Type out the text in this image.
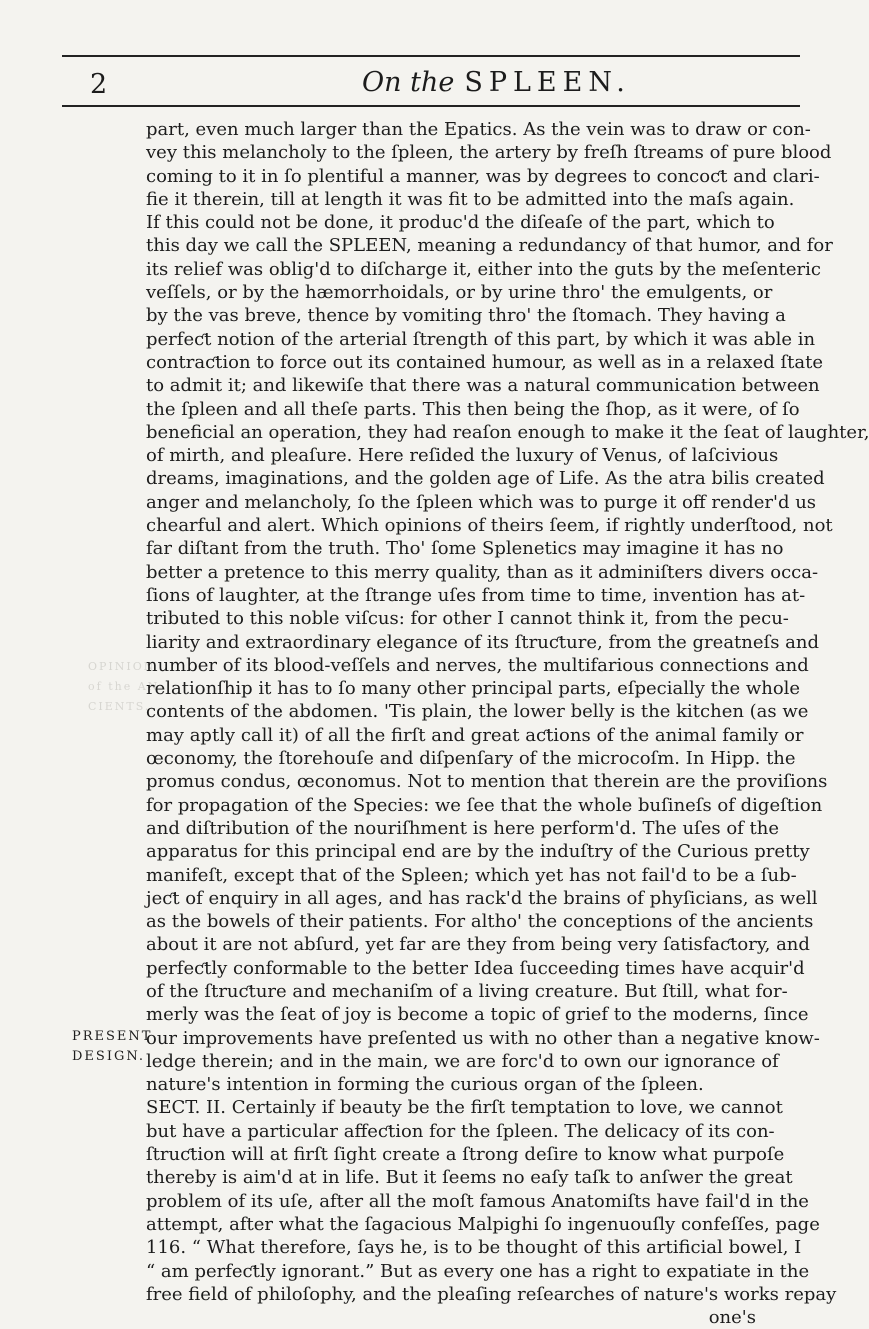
2	On the SPLEEN.
OPINION
of the AN-
CIENTS.
PRESENT
DESIGN.
part, even much larger than the Epatics. As the vein was to draw or con-
vey this melancholy to the ſpleen, the artery by freſh ſtreams of pure blood
coming to it in ſo plentiful a manner, was by degrees to concoƈt and clari-
fie it therein, till at length it was fit to be admitted into the maſs again.
If this could not be done, it produc'd the diſeaſe of the part, which to
this day we call the SPLEEN, meaning a redundancy of that humor, and for
its relief was oblig'd to diſcharge it, either into the guts by the meſenteric
veſſels, or by the hæmorrhoidals, or by urine thro' the emulgents, or
by the vas breve, thence by vomiting thro' the ſtomach. They having a
perfeƈt notion of the arterial ſtrength of this part, by which it was able in
contraƈtion to force out its contained humour, as well as in a relaxed ſtate
to admit it; and likewiſe that there was a natural communication between
the ſpleen and all theſe parts. This then being the ſhop, as it were, of ſo
beneficial an operation, they had reaſon enough to make it the ſeat of laughter,
of mirth, and pleaſure. Here reſided the luxury of Venus, of laſcivious
dreams, imaginations, and the golden age of Life. As the atra bilis created
anger and melancholy, ſo the ſpleen which was to purge it off render'd us
chearful and alert. Which opinions of theirs ſeem, if rightly underſtood, not
far diſtant from the truth. Tho' ſome Splenetics may imagine it has no
better a pretence to this merry quality, than as it adminiſters divers occa-
ſions of laughter, at the ſtrange uſes from time to time, invention has at-
tributed to this noble viſcus: for other I cannot think it, from the pecu-
liarity and extraordinary elegance of its ſtruƈture, from the greatneſs and
number of its blood-veſſels and nerves, the multifarious connections and
relationſhip it has to ſo many other principal parts, eſpecially the whole
contents of the abdomen. 'Tis plain, the lower belly is the kitchen (as we
may aptly call it) of all the firſt and great aƈtions of the animal family or
œconomy, the ſtorehouſe and diſpenſary of the microcoſm. In Hipp. the
promus condus, œconomus. Not to mention that therein are the proviſions
for propagation of the Species: we ſee that the whole buſineſs of digeſtion
and diſtribution of the nouriſhment is here perform'd. The uſes of the
apparatus for this principal end are by the induſtry of the Curious pretty
manifeſt, except that of the Spleen; which yet has not fail'd to be a ſub-
jeƈt of enquiry in all ages, and has rack'd the brains of phyſicians, as well
as the bowels of their patients. For altho' the conceptions of the ancients
about it are not abſurd, yet far are they from being very ſatisfaƈtory, and
perfeƈtly conformable to the better Idea ſucceeding times have acquir'd
of the ſtruƈture and mechaniſm of a living creature. But ſtill, what for-
merly was the ſeat of joy is become a topic of grief to the moderns, ſince
our improvements have preſented us with no other than a negative know-
ledge therein; and in the main, we are forc'd to own our ignorance of
nature's intention in forming the curious organ of the ſpleen.
SECT. II. Certainly if beauty be the firſt temptation to love, we cannot
but have a particular affeƈtion for the ſpleen. The delicacy of its con-
ſtruƈtion will at firſt ſight create a ſtrong deſire to know what purpoſe
thereby is aim'd at in life. But it ſeems no eaſy taſk to anſwer the great
problem of its uſe, after all the moſt famous Anatomiſts have fail'd in the
attempt, after what the ſagacious Malpighi ſo ingenuouſly confeſſes, page
116. “ What therefore, ſays he, is to be thought of this artificial bowel, I
“ am perfeƈtly ignorant.” But as every one has a right to expatiate in the
free field of philoſophy, and the pleaſing reſearches of nature's works repay
one's
